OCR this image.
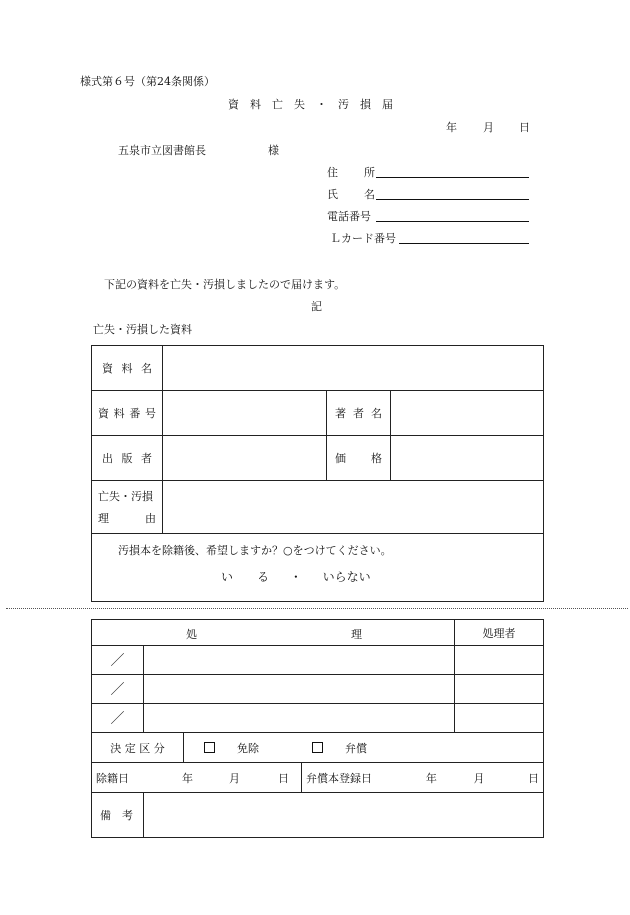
様式第６号（第24条関係）
資　料　亡　失　・　汚　損　届
年 月 日
五泉市立図書館長	様
住 所
氏 名
電話番号
Ｌカード番号
下記の資料を亡失・汚損しましたので届けます。
記
亡失・汚損した資料
資 料 名			

資 料 番 号		著 者 名	

出 版 者		価 格	

亡失・汚損
理 由			

汚損本を除籍後、希望しますか？○をつけてください。
い　　る ・ いらない			
処 理				処理者
／				
／				
／				
決 定 区 分		免除 弁償		

除籍日 年 月 日			弁償本登録日 年 月 日	

備　考				
